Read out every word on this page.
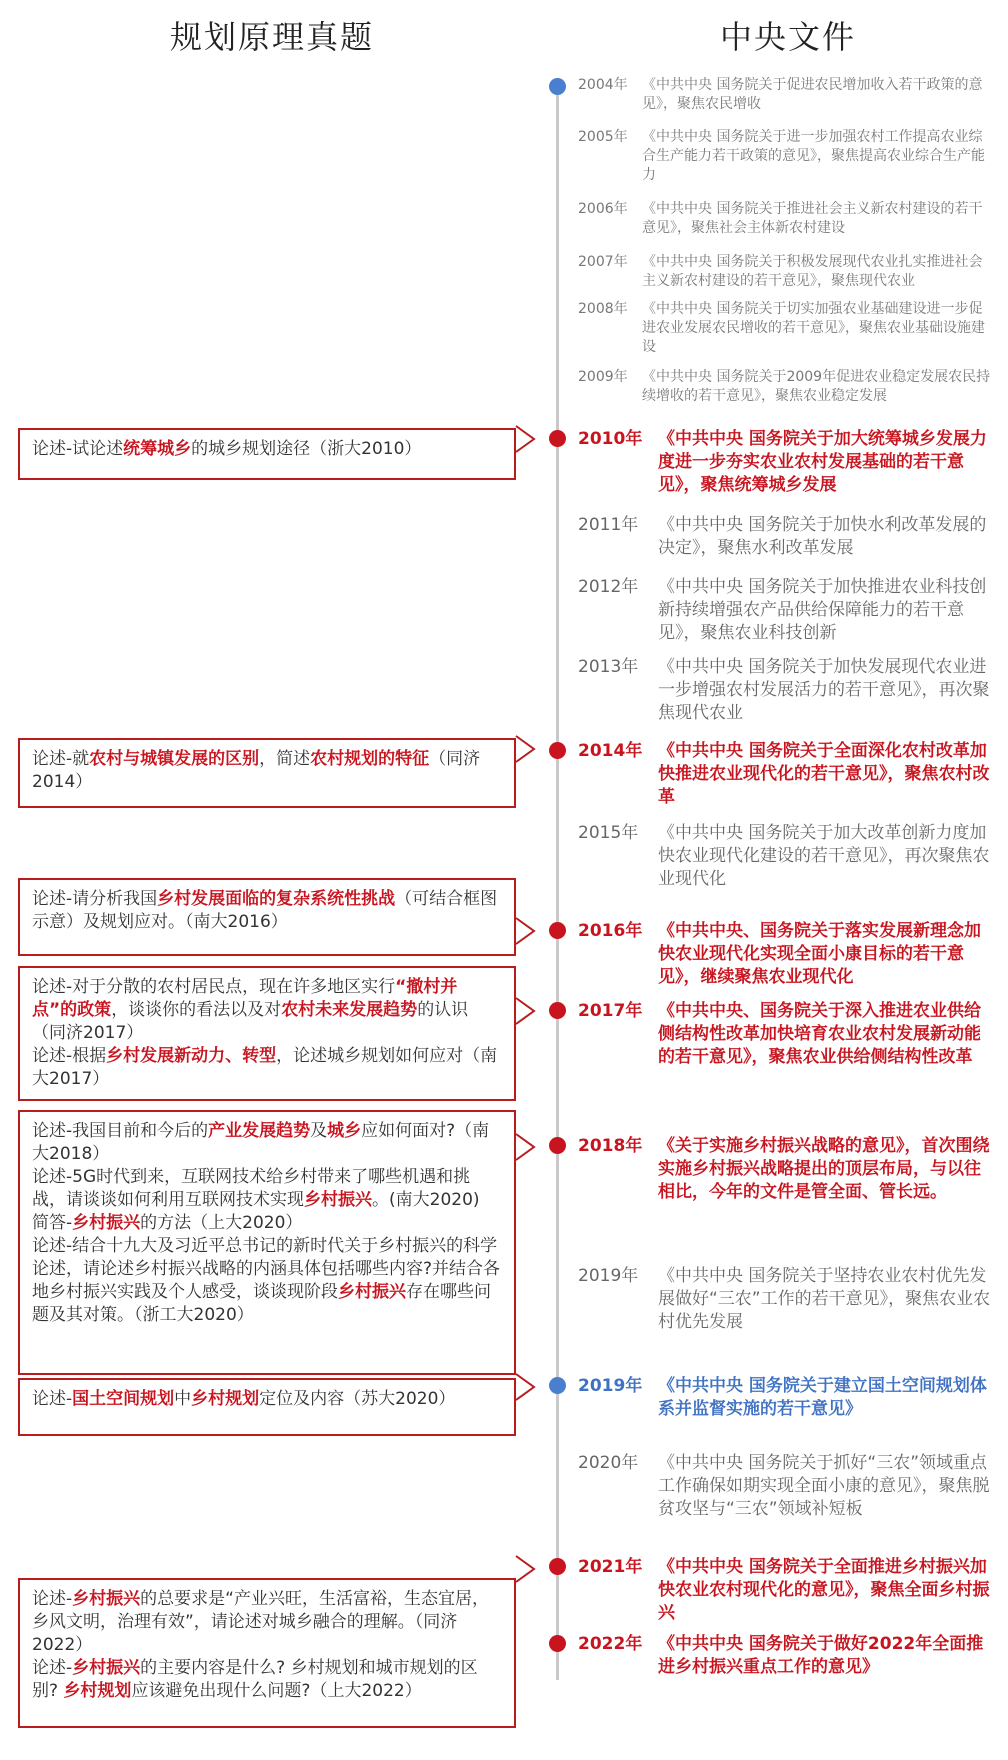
规划原理真题	中央文件
2004年 《中共中央 国务院关于促进农民增加收入若干政策的意见》，聚焦农民增收
2005年 《中共中央 国务院关于进一步加强农村工作提高农业综合生产能力若干政策的意见》，聚焦提高农业综合生产能力
2006年 《中共中央 国务院关于推进社会主义新农村建设的若干意见》，聚焦社会主体新农村建设
2007年 《中共中央 国务院关于积极发展现代农业扎实推进社会主义新农村建设的若干意见》，聚焦现代农业
2008年 《中共中央 国务院关于切实加强农业基础建设进一步促进农业发展农民增收的若干意见》，聚焦农业基础设施建设
2009年 《中共中央 国务院关于2009年促进农业稳定发展农民持续增收的若干意见》，聚焦农业稳定发展
2010年 《中共中央 国务院关于加大统筹城乡发展力度进一步夯实农业农村发展基础的若干意见》，聚焦统筹城乡发展
2011年 《中共中央 国务院关于加快水利改革发展的决定》，聚焦水利改革发展
2012年 《中共中央 国务院关于加快推进农业科技创新持续增强农产品供给保障能力的若干意见》，聚焦农业科技创新
2013年 《中共中央 国务院关于加快发展现代农业进一步增强农村发展活力的若干意见》，再次聚焦现代农业
2014年 《中共中央 国务院关于全面深化农村改革加快推进农业现代化的若干意见》，聚焦农村改革
2015年 《中共中央 国务院关于加大改革创新力度加快农业现代化建设的若干意见》，再次聚焦农业现代化
2016年 《中共中央、国务院关于落实发展新理念加快农业现代化实现全面小康目标的若干意见》，继续聚焦农业现代化
2017年 《中共中央、国务院关于深入推进农业供给侧结构性改革加快培育农业农村发展新动能的若干意见》，聚焦农业供给侧结构性改革
2018年 《关于实施乡村振兴战略的意见》，首次围绕实施乡村振兴战略提出的顶层布局，与以往相比，今年的文件是管全面、管长远。
2019年 《中共中央 国务院关于坚持农业农村优先发展做好“三农”工作的若干意见》，聚焦农业农村优先发展
2019年 《中共中央 国务院关于建立国土空间规划体系并监督实施的若干意见》
2020年 《中共中央 国务院关于抓好“三农”领域重点工作确保如期实现全面小康的意见》，聚焦脱贫攻坚与“三农”领域补短板
2021年 《中共中央 国务院关于全面推进乡村振兴加快农业农村现代化的意见》，聚焦全面乡村振兴
2022年 《中共中央 国务院关于做好2022年全面推进乡村振兴重点工作的意见》
论述-试论述统筹城乡的城乡规划途径（浙大2010）
论述-就农村与城镇发展的区别，简述农村规划的特征（同济2014）
论述-请分析我国乡村发展面临的复杂系统性挑战（可结合框图示意）及规划应对。（南大2016）
论述-对于分散的农村居民点，现在许多地区实行“撤村并点”的政策，谈谈你的看法以及对农村未来发展趋势的认识（同济2017）
论述-根据乡村发展新动力、转型，论述城乡规划如何应对（南大2017）
论述-我国目前和今后的产业发展趋势及城乡应如何面对?（南大2018）
论述-5G时代到来，互联网技术给乡村带来了哪些机遇和挑战，请谈谈如何利用互联网技术实现乡村振兴。(南大2020)
简答-乡村振兴的方法（上大2020）
论述-结合十九大及习近平总书记的新时代关于乡村振兴的科学论述，请论述乡村振兴战略的内涵具体包括哪些内容?并结合各地乡村振兴实践及个人感受，谈谈现阶段乡村振兴存在哪些问题及其对策。（浙工大2020）
论述-国土空间规划中乡村规划定位及内容（苏大2020）
论述-乡村振兴的总要求是“产业兴旺，生活富裕，生态宜居，乡风文明，治理有效”，请论述对城乡融合的理解。（同济2022）
论述-乡村振兴的主要内容是什么? 乡村规划和城市规划的区别? 乡村规划应该避免出现什么问题?（上大2022）
